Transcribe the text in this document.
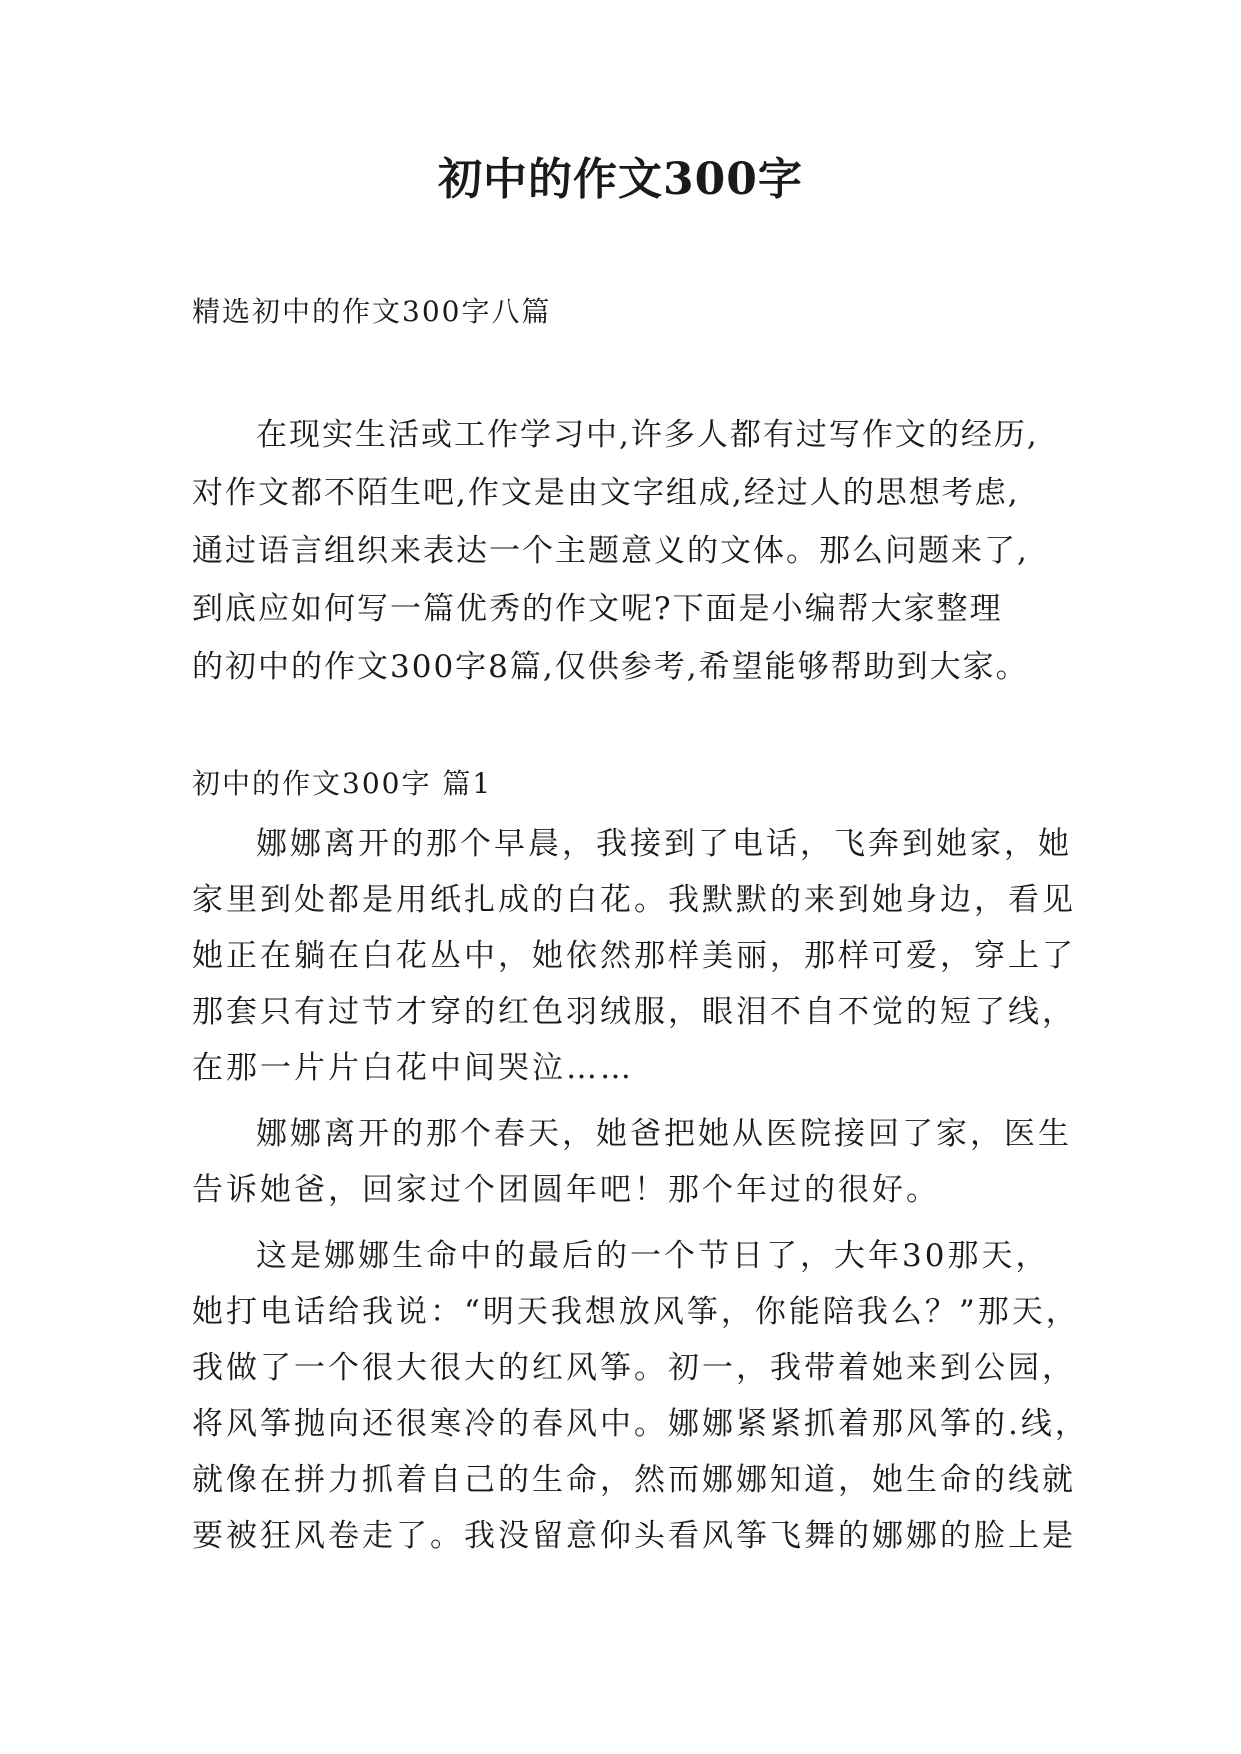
初中的作文300字
精选初中的作文300字八篇
在现实生活或工作学习中,许多人都有过写作文的经历,
对作文都不陌生吧,作文是由文字组成,经过人的思想考虑,
通过语言组织来表达一个主题意义的文体。那么问题来了,
到底应如何写一篇优秀的作文呢?下面是小编帮大家整理
的初中的作文300字8篇,仅供参考,希望能够帮助到大家。
初中的作文300字 篇1
娜娜离开的那个早晨，我接到了电话，飞奔到她家，她
家里到处都是用纸扎成的白花。我默默的来到她身边，看见
她正在躺在白花丛中，她依然那样美丽，那样可爱，穿上了
那套只有过节才穿的红色羽绒服，眼泪不自不觉的短了线，
在那一片片白花中间哭泣……
娜娜离开的那个春天，她爸把她从医院接回了家，医生
告诉她爸，回家过个团圆年吧！那个年过的很好。
这是娜娜生命中的最后的一个节日了，大年30那天，
她打电话给我说：“明天我想放风筝，你能陪我么？”那天，
我做了一个很大很大的红风筝。初一，我带着她来到公园，
将风筝抛向还很寒冷的春风中。娜娜紧紧抓着那风筝的.线，
就像在拼力抓着自己的生命，然而娜娜知道，她生命的线就
要被狂风卷走了。我没留意仰头看风筝飞舞的娜娜的脸上是
